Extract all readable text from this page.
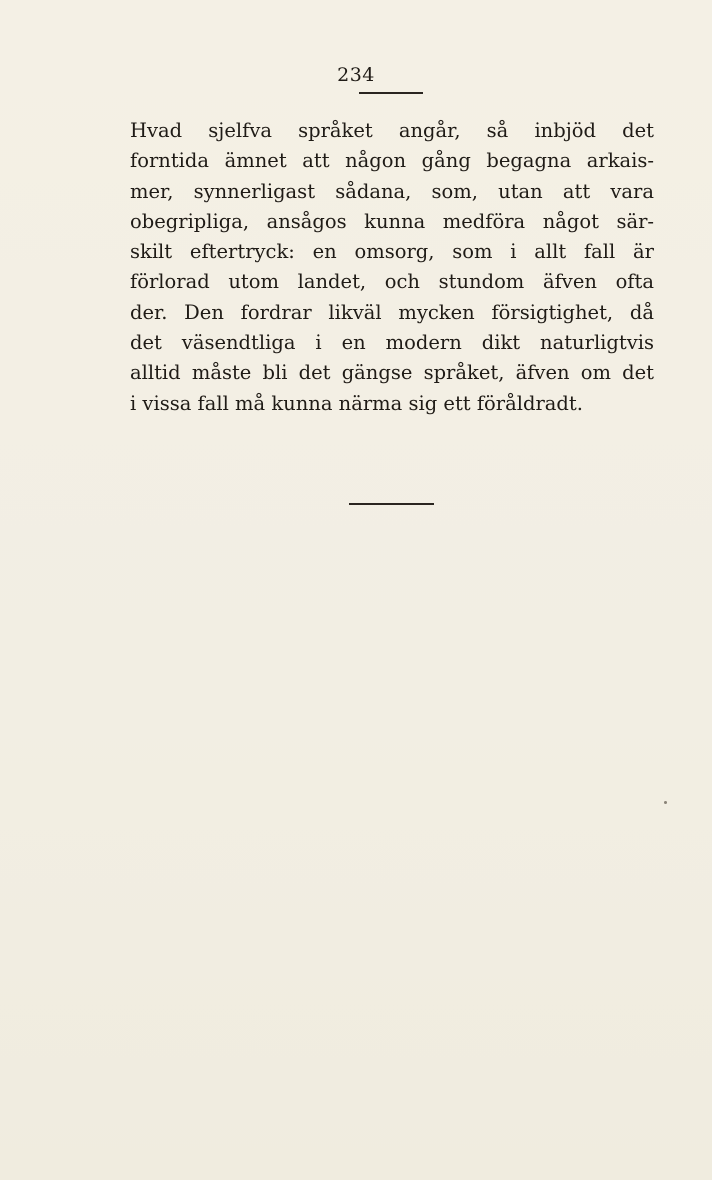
234
Hvad sjelfva språket angår, så inbjöd det
forntida ämnet att någon gång begagna arkais-
mer, synnerligast sådana, som, utan att vara
obegripliga, ansågos kunna medföra något sär-
skilt eftertryck: en omsorg, som i allt fall är
förlorad utom landet, och stundom äfven ofta
der. Den fordrar likväl mycken försigtighet, då
det väsendtliga i en modern dikt naturligtvis
alltid måste bli det gängse språket, äfven om det
i vissa fall må kunna närma sig ett föråldradt.
